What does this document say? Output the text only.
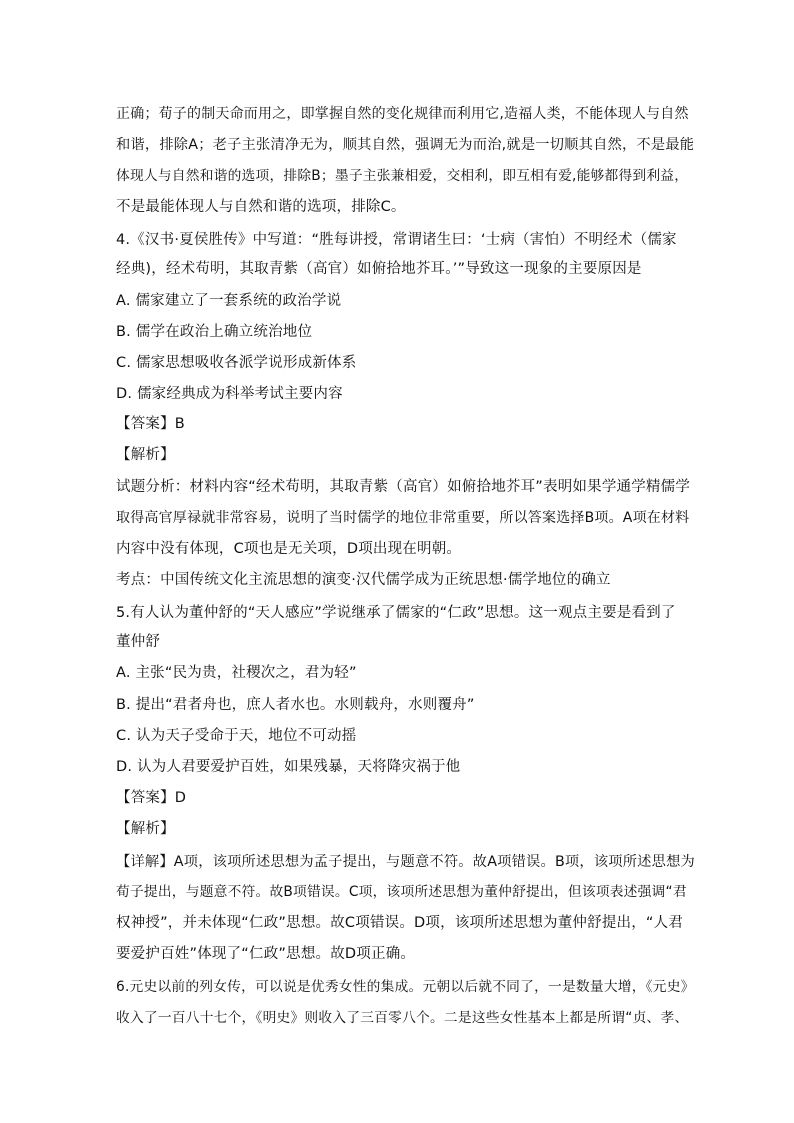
正确；荀子的制天命而用之，即掌握自然的变化规律而利用它,造福人类，不能体现人与自然
和谐，排除A；老子主张清净无为，顺其自然，强调无为而治,就是一切顺其自然，不是最能
体现人与自然和谐的选项，排除B；墨子主张兼相爱，交相利，即互相有爱,能够都得到利益，
不是最能体现人与自然和谐的选项，排除C。
4.《汉书·夏侯胜传》中写道：“胜每讲授，常谓诸生曰：‘士病（害怕）不明经术（儒家
经典)，经术苟明，其取青紫（高官）如俯拾地芥耳。’”导致这一现象的主要原因是
A. 儒家建立了一套系统的政治学说
B. 儒学在政治上确立统治地位
C. 儒家思想吸收各派学说形成新体系
D. 儒家经典成为科举考试主要内容
【答案】B
【解析】
试题分析：材料内容“经术苟明，其取青紫（高官）如俯拾地芥耳”表明如果学通学精儒学
取得高官厚禄就非常容易，说明了当时儒学的地位非常重要，所以答案选择B项。A项在材料
内容中没有体现，C项也是无关项，D项出现在明朝。
考点：中国传统文化主流思想的演变·汉代儒学成为正统思想·儒学地位的确立
5.有人认为董仲舒的“天人感应”学说继承了儒家的“仁政”思想。这一观点主要是看到了
董仲舒
A. 主张“民为贵，社稷次之，君为轻”
B. 提出“君者舟也，庶人者水也。水则载舟，水则覆舟”
C. 认为天子受命于天，地位不可动摇
D. 认为人君要爱护百姓，如果残暴，天将降灾祸于他
【答案】D
【解析】
【详解】A项，该项所述思想为孟子提出，与题意不符。故A项错误。B项，该项所述思想为
荀子提出，与题意不符。故B项错误。C项，该项所述思想为董仲舒提出，但该项表述强调“君
权神授”，并未体现“仁政”思想。故C项错误。D项，该项所述思想为董仲舒提出，“人君
要爱护百姓”体现了“仁政”思想。故D项正确。
6.元史以前的列女传，可以说是优秀女性的集成。元朝以后就不同了，一是数量大增，《元史》
收入了一百八十七个，《明史》则收入了三百零八个。二是这些女性基本上都是所谓“贞、孝、
